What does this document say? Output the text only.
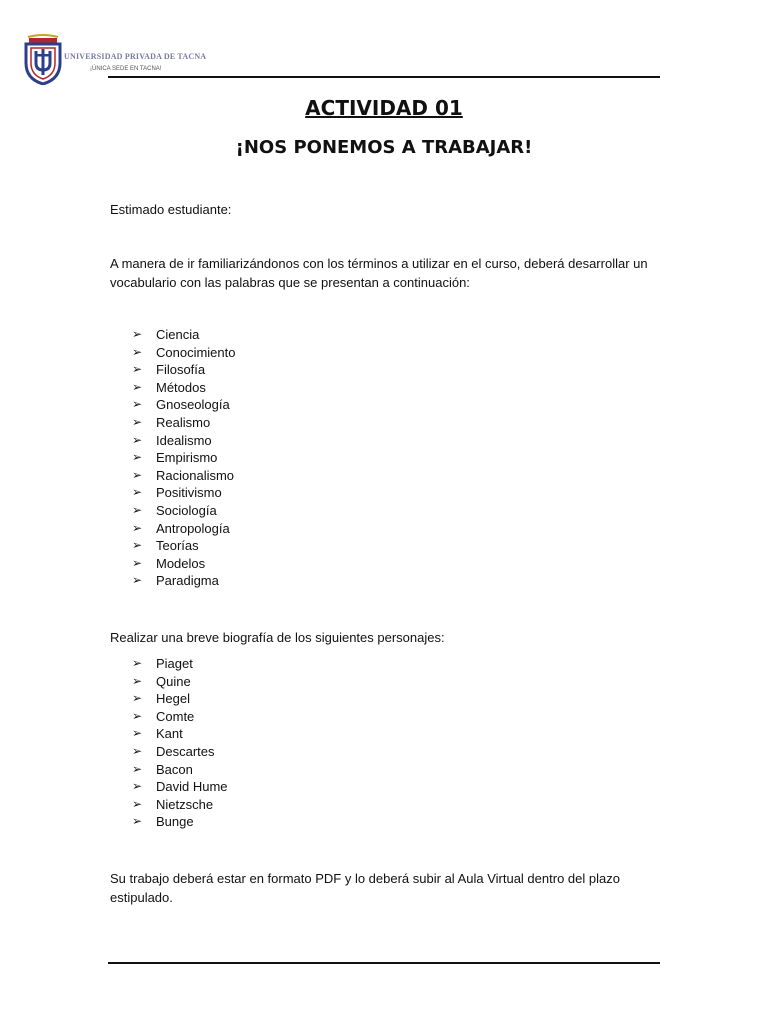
UNIVERSIDAD PRIVADA DE TACNA
¡ÚNICA SEDE EN TACNA!
ACTIVIDAD 01
¡NOS PONEMOS A TRABAJAR!
Estimado estudiante:
A manera de ir familiarizándonos con los términos a utilizar en el curso, deberá desarrollar un vocabulario con las palabras que se presentan a continuación:
➢ Ciencia
➢ Conocimiento
➢ Filosofía
➢ Métodos
➢ Gnoseología
➢ Realismo
➢ Idealismo
➢ Empirismo
➢ Racionalismo
➢ Positivismo
➢ Sociología
➢ Antropología
➢ Teorías
➢ Modelos
➢ Paradigma
Realizar una breve biografía de los siguientes personajes:
➢ Piaget
➢ Quine
➢ Hegel
➢ Comte
➢ Kant
➢ Descartes
➢ Bacon
➢ David Hume
➢ Nietzsche
➢ Bunge
Su trabajo deberá estar en formato PDF y lo deberá subir al Aula Virtual dentro del plazo estipulado.
